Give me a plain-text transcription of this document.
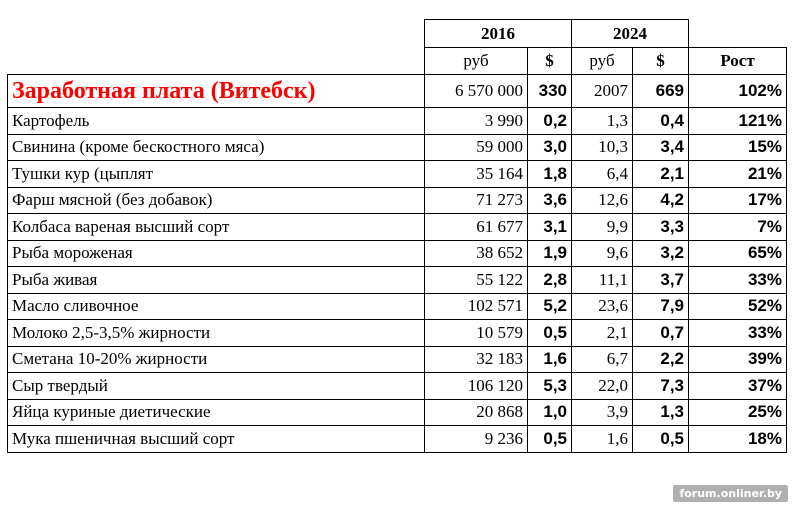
	2016		2024		
	руб	$	руб	$	Рост
Заработная плата (Витебск)	6 570 000	330	2007	669	102%
Картофель	3 990	0,2	1,3	0,4	121%
Свинина (кроме бескостного мяса)	59 000	3,0	10,3	3,4	15%
Тушки кур (цыплят	35 164	1,8	6,4	2,1	21%
Фарш мясной (без добавок)	71 273	3,6	12,6	4,2	17%
Колбаса вареная высший сорт	61 677	3,1	9,9	3,3	7%
Рыба мороженая	38 652	1,9	9,6	3,2	65%
Рыба живая	55 122	2,8	11,1	3,7	33%
Масло сливочное	102 571	5,2	23,6	7,9	52%
Молоко 2,5-3,5% жирности	10 579	0,5	2,1	0,7	33%
Сметана 10-20% жирности	32 183	1,6	6,7	2,2	39%
Сыр твердый	106 120	5,3	22,0	7,3	37%
Яйца куриные диетические	20 868	1,0	3,9	1,3	25%
Мука пшеничная высший сорт	9 236	0,5	1,6	0,5	18%
forum.onliner.by
